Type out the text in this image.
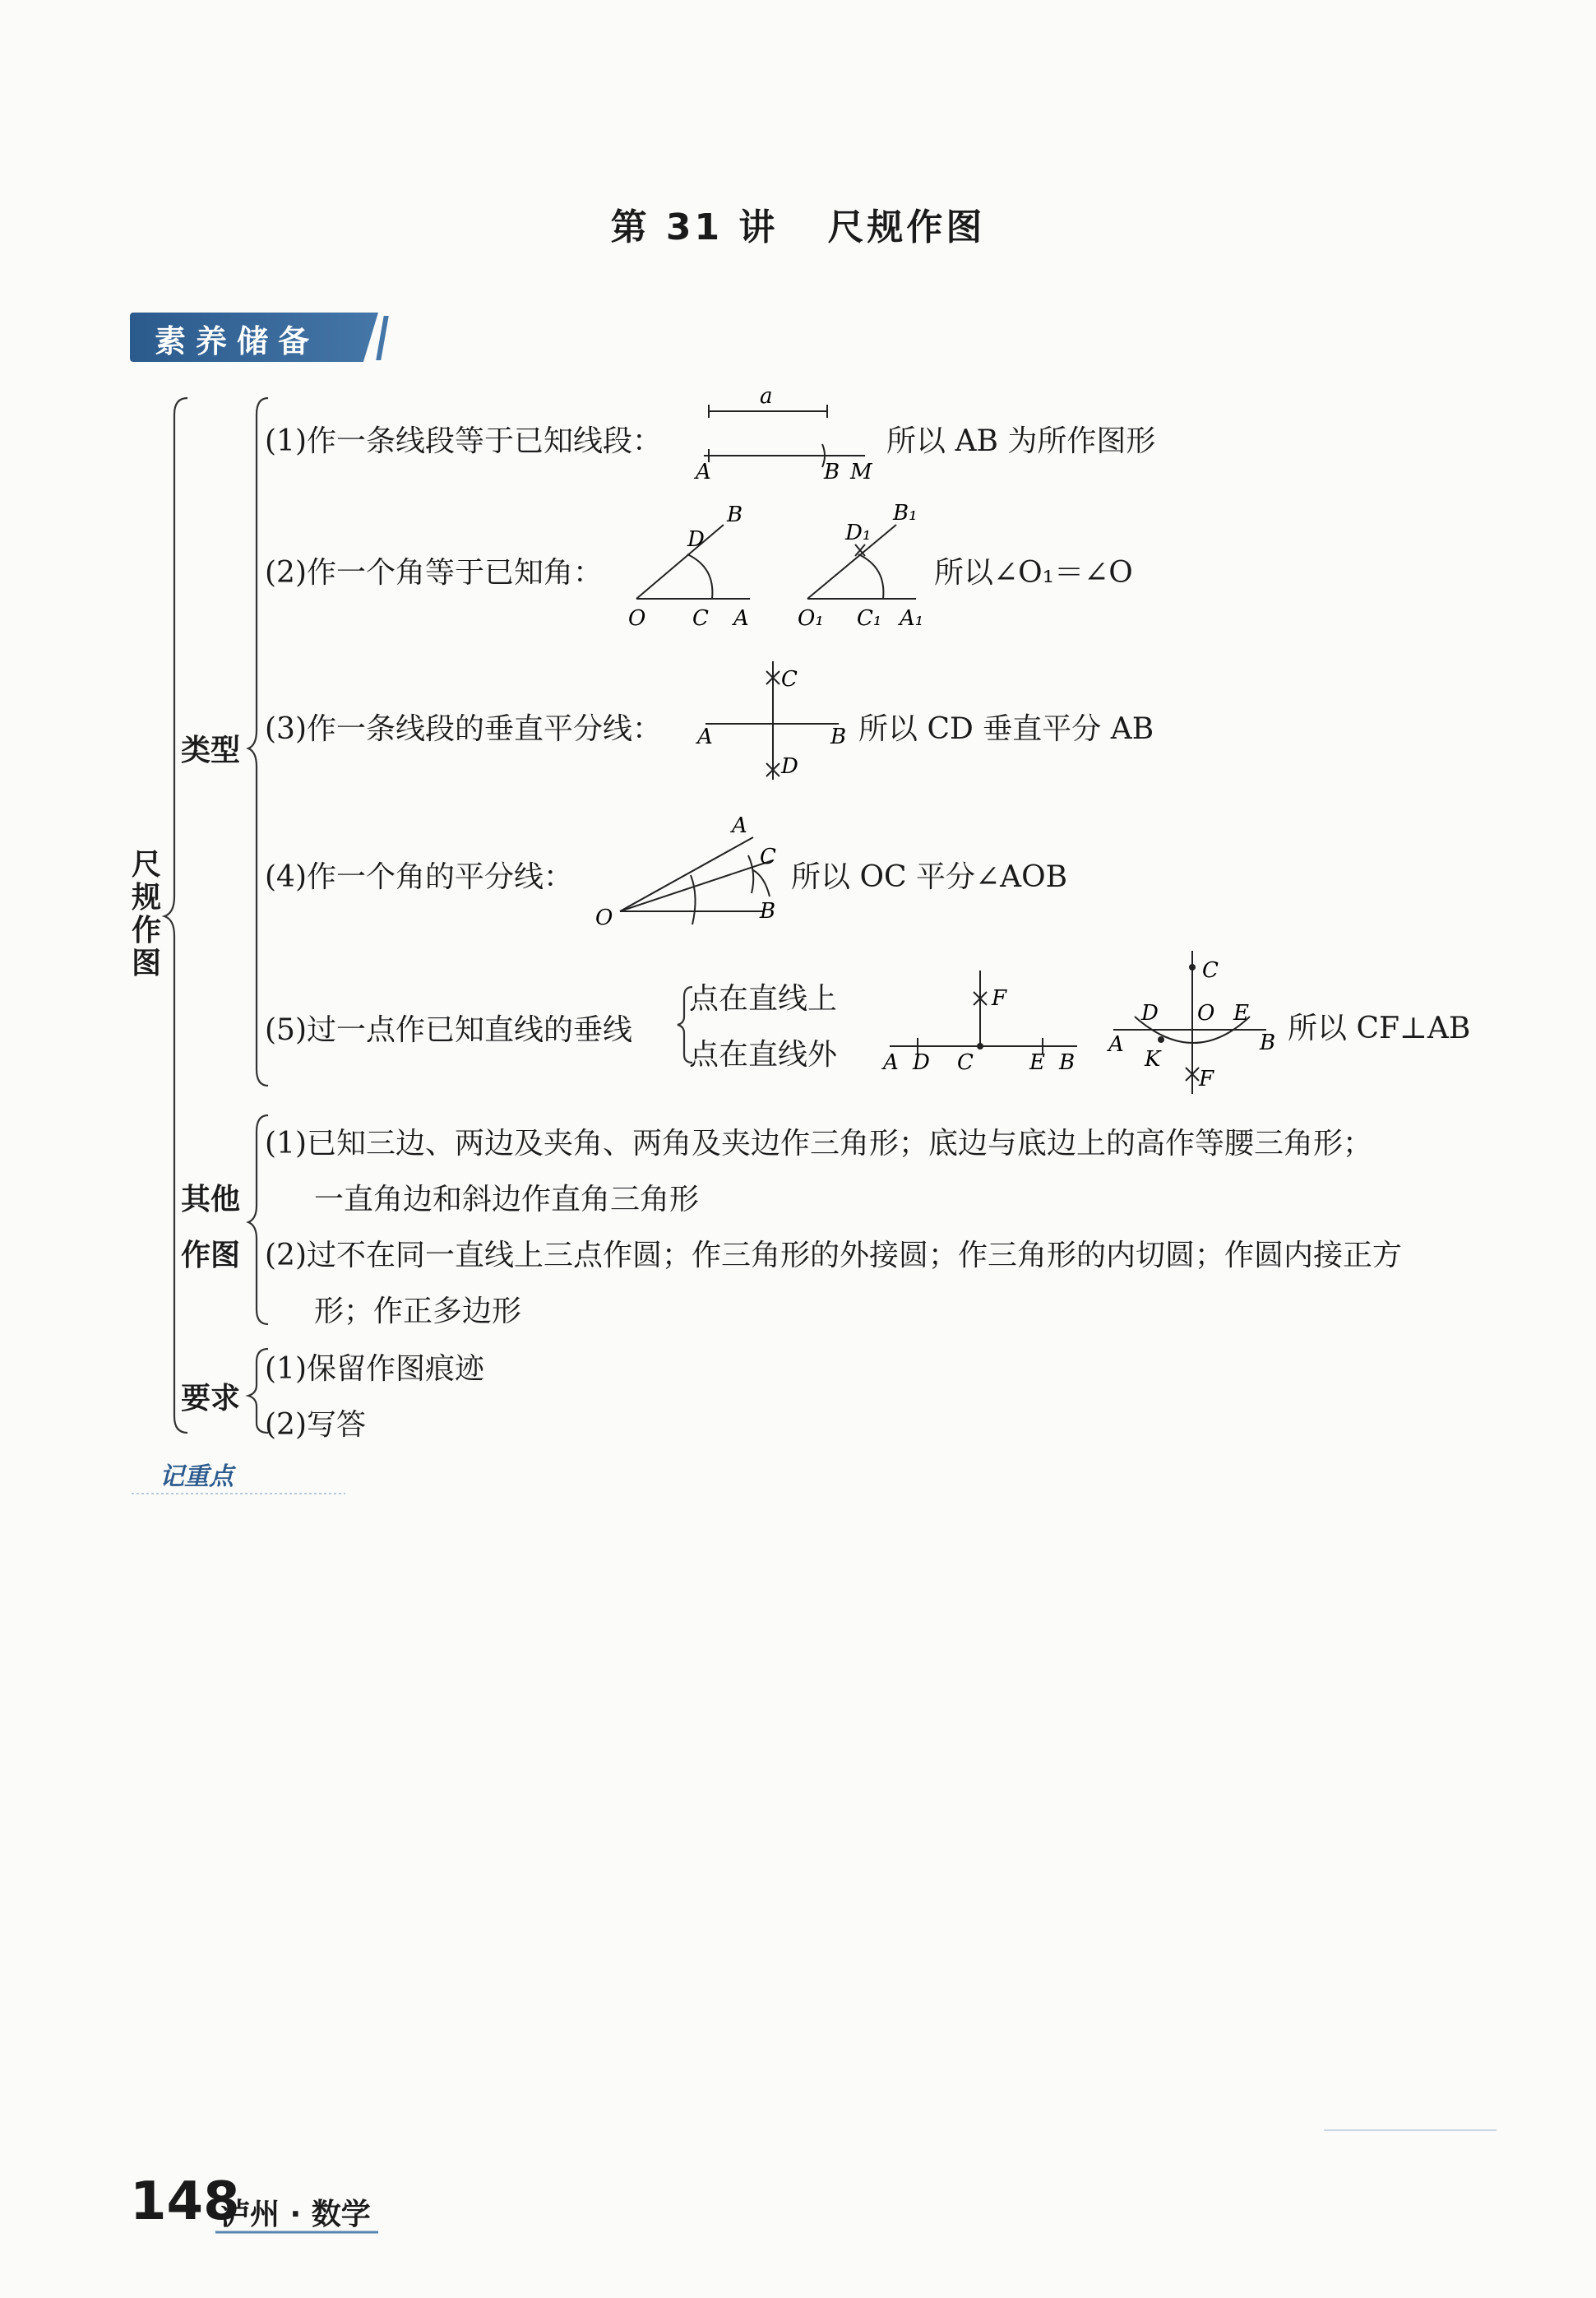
第 31 讲 尺规作图
素养储备
a
A	B M
O C A
D
B
O₁ C₁ A₁
D₁
B₁
C
D
A	B
O
A
B
C
F
A D C	E B
C
D O E
A
K
B
F
尺
规
作
图
类型
(1)作一条线段等于已知线段：	所以 AB 为所作图形
(2)作一个角等于已知角：	所以∠O₁＝∠O
(3)作一条线段的垂直平分线：	所以 CD 垂直平分 AB
(4)作一个角的平分线：	所以 OC 平分∠AOB
(5)过一点作已知直线的垂线
点在直线上
点在直线外
所以 CF⊥AB
其他
作图
(1)已知三边、两边及夹角、两角及夹边作三角形；底边与底边上的高作等腰三角形；
一直角边和斜边作直角三角形
(2)过不在同一直线上三点作圆；作三角形的外接圆；作三角形的内切圆；作圆内接正方
形；作正多边形
要求
(1)保留作图痕迹
(2)写答
记重点
148
泸州 · 数学
